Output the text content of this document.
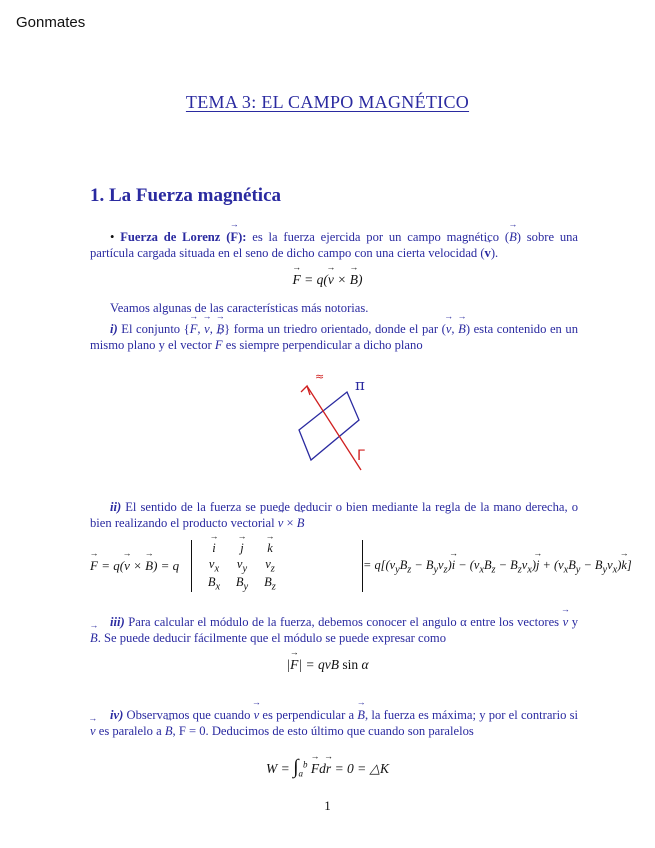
Gonmates
TEMA 3: EL CAMPO MAGNÉTICO
1. La Fuerza magnética
• Fuerza de Lorenz (→ F): es la fuerza ejercida por un campo magnético (→ B) sobre una partícula cargada situada en el seno de dicho campo con una cierta velocidad (→ v).
→ F = q(→ v × → B)
Veamos algunas de las características más notorias.
i) El conjunto {→ F, → v, → B} forma un triedro orientado, donde el par (→ v, → B) esta contenido en un mismo plano y el vector → F es siempre perpendicular a dicho plano
≈ π
Γ
ii) El sentido de la fuerza se puede deducir o bien mediante la regla de la mano derecha, o bien realizando el producto vectorial → v × → B
→ F = q(→ v × → B) = q
→ i	→ j	→ k
$v_x$	$v_y$	$v_z$
$B_x$	$B_y$	$B_z$
= $q[(v_yB_z - B_yv_z)\to i - (v_xB_z - B_zv_x)\to j + (v_xB_y - B_yv_x)\to k]$
iii) Para calcular el módulo de la fuerza, debemos conocer el angulo α entre los vectores → v y → B. Se puede deducir fácilmente que el módulo se puede expresar como
|→ F| = qvB sin α
iv) Observamos que cuando → v es perpendicular a → B, la fuerza es máxima; y por el contrario si → v es paralelo a → B, F = 0. Deducimos de esto último que cuando son paralelos
$W = \int_a^b \to Fd\to r = 0$ = △K
1
